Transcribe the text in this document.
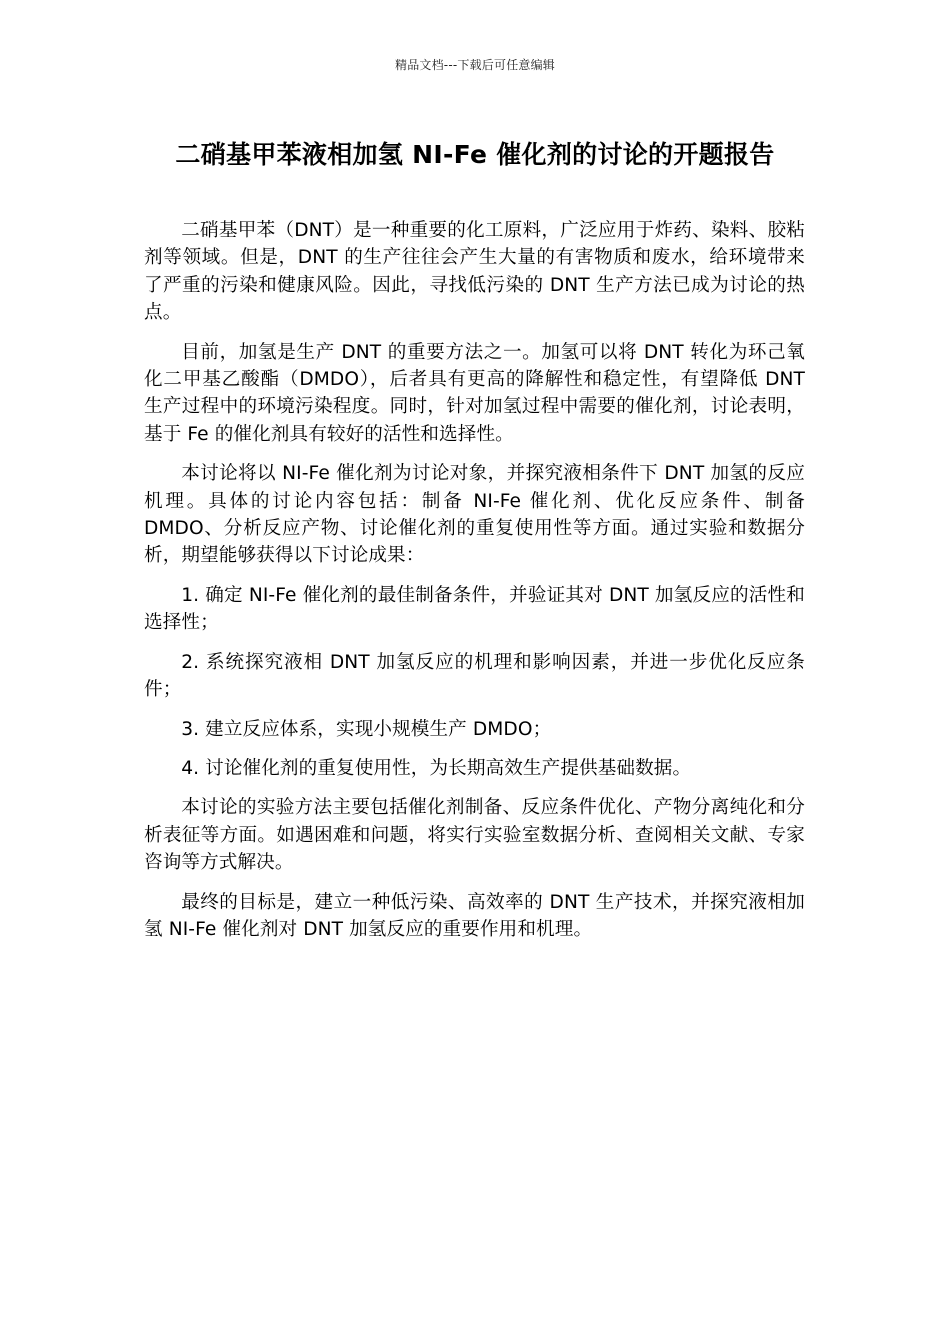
精品文档---下载后可任意编辑
二硝基甲苯液相加氢 NI-Fe 催化剂的讨论的开题报告

二硝基甲苯（DNT）是一种重要的化工原料，广泛应用于炸药、染料、胶粘剂等领域。但是，DNT 的生产往往会产生大量的有害物质和废水，给环境带来了严重的污染和健康风险。因此，寻找低污染的 DNT 生产方法已成为讨论的热点。

目前，加氢是生产 DNT 的重要方法之一。加氢可以将 DNT 转化为环己氧化二甲基乙酸酯（DMDO），后者具有更高的降解性和稳定性，有望降低 DNT 生产过程中的环境污染程度。同时，针对加氢过程中需要的催化剂，讨论表明，基于 Fe 的催化剂具有较好的活性和选择性。

本讨论将以 NI-Fe 催化剂为讨论对象，并探究液相条件下 DNT 加氢的反应机理。具体的讨论内容包括：制备 NI-Fe 催化剂、优化反应条件、制备 DMDO、分析反应产物、讨论催化剂的重复使用性等方面。通过实验和数据分析，期望能够获得以下讨论成果：

1. 确定 NI-Fe 催化剂的最佳制备条件，并验证其对 DNT 加氢反应的活性和选择性；

2. 系统探究液相 DNT 加氢反应的机理和影响因素，并进一步优化反应条件；

3. 建立反应体系，实现小规模生产 DMDO；

4. 讨论催化剂的重复使用性，为长期高效生产提供基础数据。

本讨论的实验方法主要包括催化剂制备、反应条件优化、产物分离纯化和分析表征等方面。如遇困难和问题，将实行实验室数据分析、查阅相关文献、专家咨询等方式解决。

最终的目标是，建立一种低污染、高效率的 DNT 生产技术，并探究液相加氢 NI-Fe 催化剂对 DNT 加氢反应的重要作用和机理。
